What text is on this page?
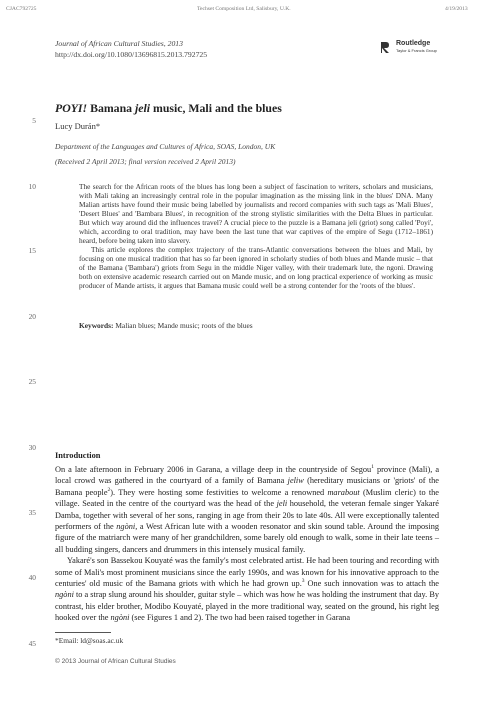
CJAC792725	Techset Composition Ltd, Salisbury, U.K.	4/19/2013
Journal of African Cultural Studies, 2013
http://dx.doi.org/10.1080/13696815.2013.792725

Routledge
Taylor & Francis Group
POYI! Bamana jeli music, Mali and the blues
Lucy Durán*
Department of the Languages and Cultures of Africa, SOAS, London, UK
(Received 2 April 2013; final version received 2 April 2013)

The search for the African roots of the blues has long been a subject of fascination to writers, scholars and musicians, with Mali taking an increasingly central role in the popular imagination as the missing link in the blues' DNA. Many Malian artists have found their music being labelled by journalists and record companies with such tags as 'Mali Blues', 'Desert Blues' and 'Bambara Blues', in recognition of the strong stylistic similarities with the Delta Blues in particular. But which way around did the influences travel? A crucial piece to the puzzle is a Bamana jeli (griot) song called 'Poyi', which, according to oral tradition, may have been the last tune that war captives of the empire of Segu (1712–1861) heard, before being taken into slavery.

This article explores the complex trajectory of the trans-Atlantic conversations between the blues and Mali, by focusing on one musical tradition that has so far been ignored in scholarly studies of both blues and Mande music – that of the Bamana ('Bambara') griots from Segu in the middle Niger valley, with their trademark lute, the ngoni. Drawing both on extensive academic research carried out on Mande music, and on long practical experience of working as music producer of Mande artists, it argues that Bamana music could well be a strong contender for the 'roots of the blues'.

Keywords: Malian blues; Mande music; roots of the blues
5
10
15
20
25
30
35
40
45
Introduction

On a late afternoon in February 2006 in Garana, a village deep in the countryside of Segou$^1$ province (Mali), a local crowd was gathered in the courtyard of a family of Bamana jeliw (hereditary musicians or 'griots' of the Bamana people$^2$). They were hosting some festivities to welcome a renowned marabout (Muslim cleric) to the village. Seated in the centre of the courtyard was the head of the jeli household, the veteran female singer Yakaré Damba, together with several of her sons, ranging in age from their 20s to late 40s. All were exceptionally talented performers of the ngòni, a West African lute with a wooden resonator and skin sound table. Around the imposing figure of the matriarch were many of her grandchildren, some barely old enough to walk, some in their late teens – all budding singers, dancers and drummers in this intensely musical family.

Yakaré's son Bassekou Kouyaté was the family's most celebrated artist. He had been touring and recording with some of Mali's most prominent musicians since the early 1990s, and was known for his innovative approach to the centuries' old music of the Bamana griots with which he had grown up.$^3$ One such innovation was to attach the ngòni to a strap slung around his shoulder, guitar style – which was how he was holding the instrument that day. By contrast, his elder brother, Modibo Kouyaté, played in the more traditional way, seated on the ground, his right leg hooked over the ngòni (see Figures 1 and 2). The two had been raised together in Garana

*Email: ld@soas.ac.uk
© 2013 Journal of African Cultural Studies
